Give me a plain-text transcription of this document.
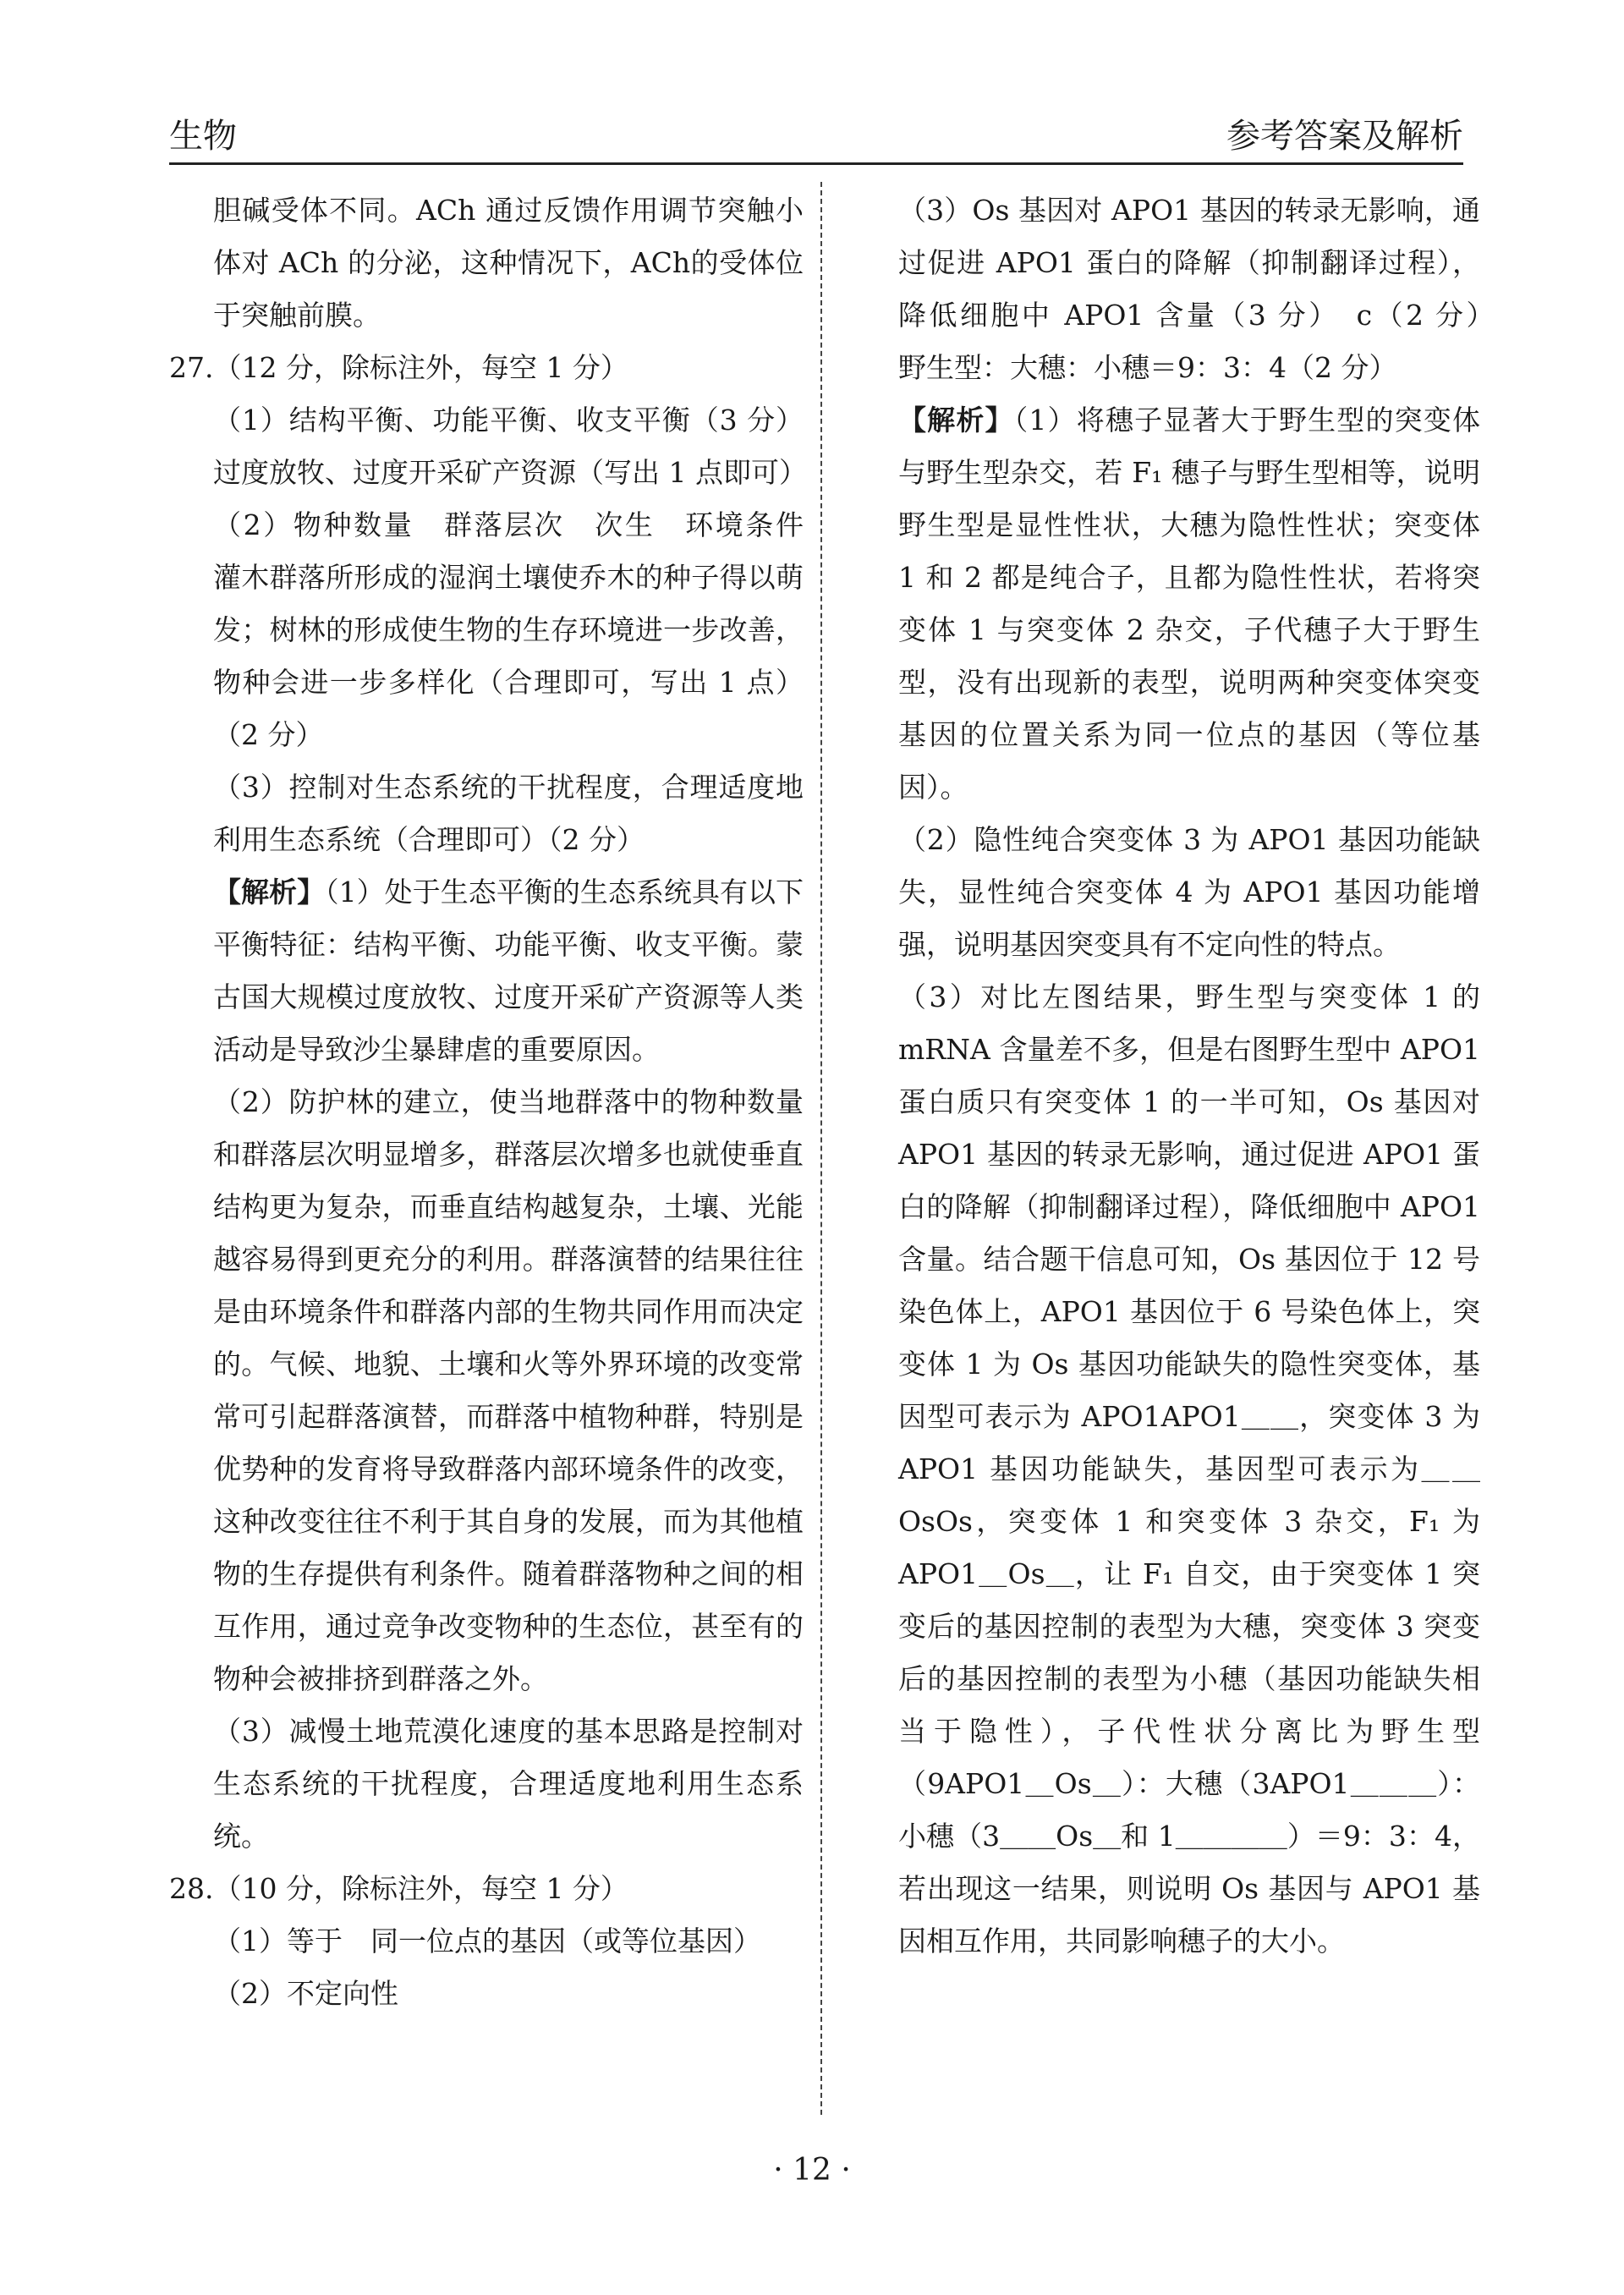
生物	参考答案及解析

胆碱受体不同。ACh 通过反馈作用调节突触小体对 ACh 的分泌，这种情况下，ACh的受体位于突触前膜。

27.（12 分，除标注外，每空 1 分）

（1）结构平衡、功能平衡、收支平衡（3 分）过度放牧、过度开采矿产资源（写出 1 点即可）

（2）物种数量　群落层次　次生　环境条件　灌木群落所形成的湿润土壤使乔木的种子得以萌发；树林的形成使生物的生存环境进一步改善，物种会进一步多样化（合理即可，写出 1 点）（2 分）

（3）控制对生态系统的干扰程度，合理适度地利用生态系统（合理即可）（2 分）

【解析】（1）处于生态平衡的生态系统具有以下平衡特征：结构平衡、功能平衡、收支平衡。蒙古国大规模过度放牧、过度开采矿产资源等人类活动是导致沙尘暴肆虐的重要原因。

（2）防护林的建立，使当地群落中的物种数量和群落层次明显增多，群落层次增多也就使垂直结构更为复杂，而垂直结构越复杂，土壤、光能越容易得到更充分的利用。群落演替的结果往往是由环境条件和群落内部的生物共同作用而决定的。气候、地貌、土壤和火等外界环境的改变常常可引起群落演替，而群落中植物种群，特别是优势种的发育将导致群落内部环境条件的改变，这种改变往往不利于其自身的发展，而为其他植物的生存提供有利条件。随着群落物种之间的相互作用，通过竞争改变物种的生态位，甚至有的物种会被排挤到群落之外。

（3）减慢土地荒漠化速度的基本思路是控制对生态系统的干扰程度，合理适度地利用生态系统。

28.（10 分，除标注外，每空 1 分）

（1）等于　同一位点的基因（或等位基因）

（2）不定向性

（3）Os 基因对 APO1 基因的转录无影响，通过促进 APO1 蛋白的降解（抑制翻译过程），降低细胞中 APO1 含量（3 分）　c（2 分）　野生型：大穗：小穗＝9：3：4（2 分）

【解析】（1）将穗子显著大于野生型的突变体与野生型杂交，若 F₁ 穗子与野生型相等，说明野生型是显性性状，大穗为隐性性状；突变体 1 和 2 都是纯合子，且都为隐性性状，若将突变体 1 与突变体 2 杂交，子代穗子大于野生型，没有出现新的表型，说明两种突变体突变基因的位置关系为同一位点的基因（等位基因）。

（2）隐性纯合突变体 3 为 APO1 基因功能缺失，显性纯合突变体 4 为 APO1 基因功能增强，说明基因突变具有不定向性的特点。

（3）对比左图结果，野生型与突变体 1 的 mRNA 含量差不多，但是右图野生型中 APO1 蛋白质只有突变体 1 的一半可知，Os 基因对 APO1 基因的转录无影响，通过促进 APO1 蛋白的降解（抑制翻译过程），降低细胞中 APO1 含量。结合题干信息可知，Os 基因位于 12 号染色体上，APO1 基因位于 6 号染色体上，突变体 1 为 Os 基因功能缺失的隐性突变体，基因型可表示为 APO1APO1＿＿，突变体 3 为 APO1 基因功能缺失，基因型可表示为＿＿OsOs，突变体 1 和突变体 3 杂交，F₁ 为 APO1＿Os＿，让 F₁ 自交，由于突变体 1 突变后的基因控制的表型为大穗，突变体 3 突变后的基因控制的表型为小穗（基因功能缺失相当于隐性），子代性状分离比为野生型（9APO1＿Os＿）：大穗（3APO1＿＿＿）：小穗（3＿＿Os＿和 1＿＿＿＿）＝9：3：4，若出现这一结果，则说明 Os 基因与 APO1 基因相互作用，共同影响穗子的大小。

· 12 ·
